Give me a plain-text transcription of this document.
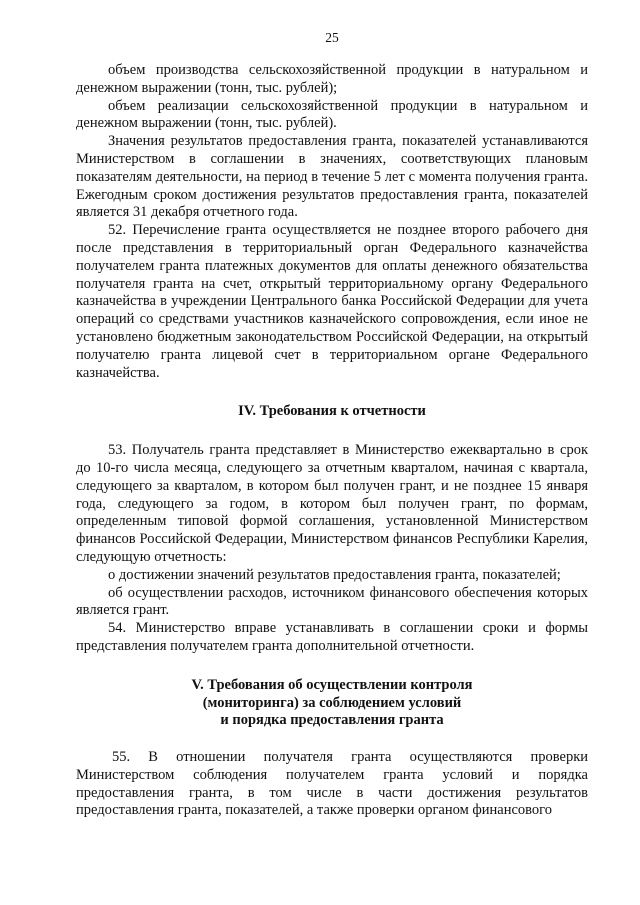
25

объем производства сельскохозяйственной продукции в натуральном и денежном выражении (тонн, тыс. рублей);

объем реализации сельскохозяйственной продукции в натуральном и денежном выражении (тонн, тыс. рублей).

Значения результатов предоставления гранта, показателей устанавливаются Министерством в соглашении в значениях, соответствующих плановым показателям деятельности, на период в течение 5 лет с момента получения гранта. Ежегодным сроком достижения результатов предоставления гранта, показателей является 31 декабря отчетного года.

52. Перечисление гранта осуществляется не позднее второго рабочего дня после представления в территориальный орган Федерального казначейства получателем гранта платежных документов для оплаты денежного обязательства получателя гранта на счет, открытый территориальному органу Федерального казначейства в учреждении Центрального банка Российской Федерации для учета операций со средствами участников казначейского сопровождения, если иное не установлено бюджетным законодательством Российской Федерации, на открытый получателю гранта лицевой счет в территориальном органе Федерального казначейства.

IV. Требования к отчетности

53. Получатель гранта представляет в Министерство ежеквартально в срок до 10-го числа месяца, следующего за отчетным кварталом, начиная с квартала, следующего за кварталом, в котором был получен грант, и не позднее 15 января года, следующего за годом, в котором был получен грант, по формам, определенным типовой формой соглашения, установленной Министерством финансов Российской Федерации, Министерством финансов Республики Карелия, следующую отчетность:

о достижении значений результатов предоставления гранта, показателей;

об осуществлении расходов, источником финансового обеспечения которых является грант.

54. Министерство вправе устанавливать в соглашении сроки и формы представления получателем гранта дополнительной отчетности.

V. Требования об осуществлении контроля
(мониторинга) за соблюдением условий
и порядка предоставления гранта

55. В отношении получателя гранта осуществляются проверки Министерством соблюдения получателем гранта условий и порядка предоставления гранта, в том числе в части достижения результатов предоставления гранта, показателей, а также проверки органом финансового
